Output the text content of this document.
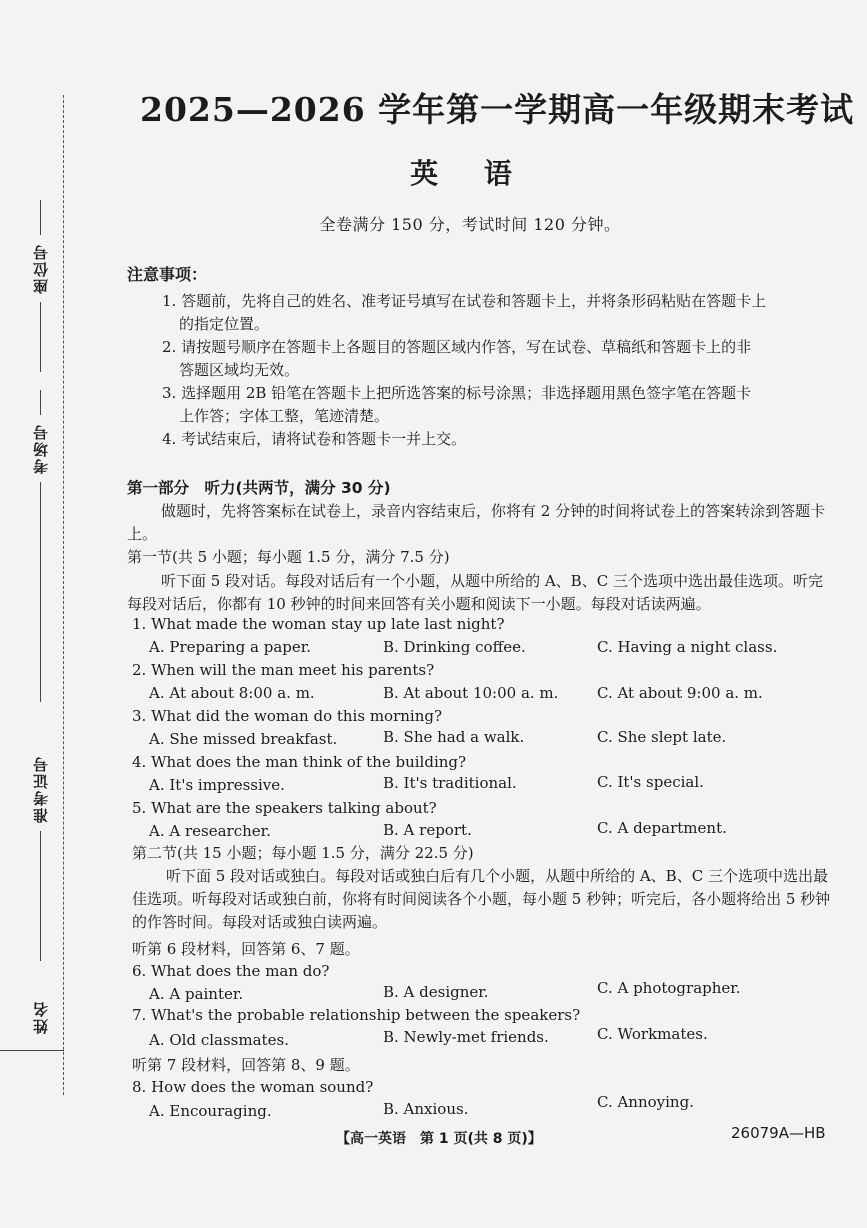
座位号
考场号
准考证号
姓名
2025—2026 学年第一学期高一年级期末考试
英 语
全卷满分 150 分，考试时间 120 分钟。
注意事项：
1. 答题前，先将自己的姓名、准考证号填写在试卷和答题卡上，并将条形码粘贴在答题卡上
的指定位置。
2. 请按题号顺序在答题卡上各题目的答题区域内作答，写在试卷、草稿纸和答题卡上的非
答题区域均无效。
3. 选择题用 2B 铅笔在答题卡上把所选答案的标号涂黑；非选择题用黑色签字笔在答题卡
上作答；字体工整，笔迹清楚。
4. 考试结束后，请将试卷和答题卡一并上交。
第一部分　听力(共两节，满分 30 分)
做题时，先将答案标在试卷上，录音内容结束后，你将有 2 分钟的时间将试卷上的答案转涂到答题卡上。
第一节(共 5 小题；每小题 1.5 分，满分 7.5 分)
听下面 5 段对话。每段对话后有一个小题，从题中所给的 A、B、C 三个选项中选出最佳选项。听完每段对话后，你都有 10 秒钟的时间来回答有关小题和阅读下一小题。每段对话读两遍。
1. What made the woman stay up late last night?
A. Preparing a paper.	B. Drinking coffee.	C. Having a night class.
2. When will the man meet his parents?
A. At about 8:00 a. m.	B. At about 10:00 a. m.	C. At about 9:00 a. m.
3. What did the woman do this morning?
A. She missed breakfast.	B. She had a walk.	C. She slept late.
4. What does the man think of the building?
A. It's impressive.	B. It's traditional.	C. It's special.
5. What are the speakers talking about?
A. A researcher.	B. A report.	C. A department.
第二节(共 15 小题；每小题 1.5 分，满分 22.5 分)
听下面 5 段对话或独白。每段对话或独白后有几个小题，从题中所给的 A、B、C 三个选项中选出最佳选项。听每段对话或独白前，你将有时间阅读各个小题，每小题 5 秒钟；听完后，各小题将给出 5 秒钟的作答时间。每段对话或独白读两遍。
听第 6 段材料，回答第 6、7 题。
6. What does the man do?
A. A painter.	B. A designer.	C. A photographer.
7. What's the probable relationship between the speakers?
A. Old classmates.	B. Newly-met friends.	C. Workmates.
听第 7 段材料，回答第 8、9 题。
8. How does the woman sound?
A. Encouraging.	B. Anxious.	C. Annoying.
【高一英语　第 1 页(共 8 页)】	26079A—HB
